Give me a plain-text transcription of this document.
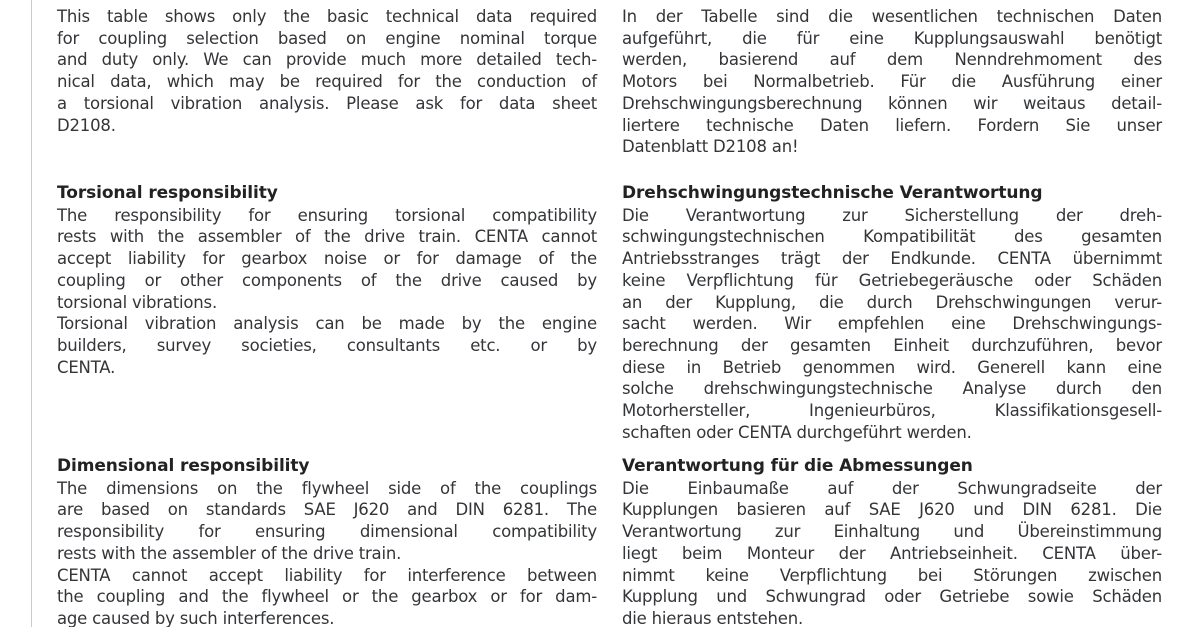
This table shows only the basic technical data required
for coupling selection based on engine nominal torque
and duty only. We can provide much more detailed tech-
nical data, which may be required for the conduction of
a torsional vibration analysis. Please ask for data sheet
D2108.
Torsional responsibility
The responsibility for ensuring torsional compatibility
rests with the assembler of the drive train. CENTA cannot
accept liability for gearbox noise or for damage of the
coupling or other components of the drive caused by
torsional vibrations.
Torsional vibration analysis can be made by the engine
builders, survey societies, consultants etc. or by
CENTA.
Dimensional responsibility
The dimensions on the flywheel side of the couplings
are based on standards SAE J620 and DIN 6281. The
responsibility for ensuring dimensional compatibility
rests with the assembler of the drive train.
CENTA cannot accept liability for interference between
the coupling and the flywheel or the gearbox or for dam-
age caused by such interferences.
In der Tabelle sind die wesentlichen technischen Daten
aufgeführt, die für eine Kupplungsauswahl benötigt
werden, basierend auf dem Nenndrehmoment des
Motors bei Normalbetrieb. Für die Ausführung einer
Drehschwingungsberechnung können wir weitaus detail-
liertere technische Daten liefern. Fordern Sie unser
Datenblatt D2108 an!
Drehschwingungstechnische Verantwortung
Die Verantwortung zur Sicherstellung der dreh-
schwingungstechnischen Kompatibilität des gesamten
Antriebsstranges trägt der Endkunde. CENTA übernimmt
keine Verpflichtung für Getriebegeräusche oder Schäden
an der Kupplung, die durch Drehschwingungen verur-
sacht werden. Wir empfehlen eine Drehschwingungs-
berechnung der gesamten Einheit durchzuführen, bevor
diese in Betrieb genommen wird. Generell kann eine
solche drehschwingungstechnische Analyse durch den
Motorhersteller, Ingenieurbüros, Klassifikationsgesell-
schaften oder CENTA durchgeführt werden.
Verantwortung für die Abmessungen
Die Einbaumaße auf der Schwungradseite der
Kupplungen basieren auf SAE J620 und DIN 6281. Die
Verantwortung zur Einhaltung und Übereinstimmung
liegt beim Monteur der Antriebseinheit. CENTA über-
nimmt keine Verpflichtung bei Störungen zwischen
Kupplung und Schwungrad oder Getriebe sowie Schäden
die hieraus entstehen.
